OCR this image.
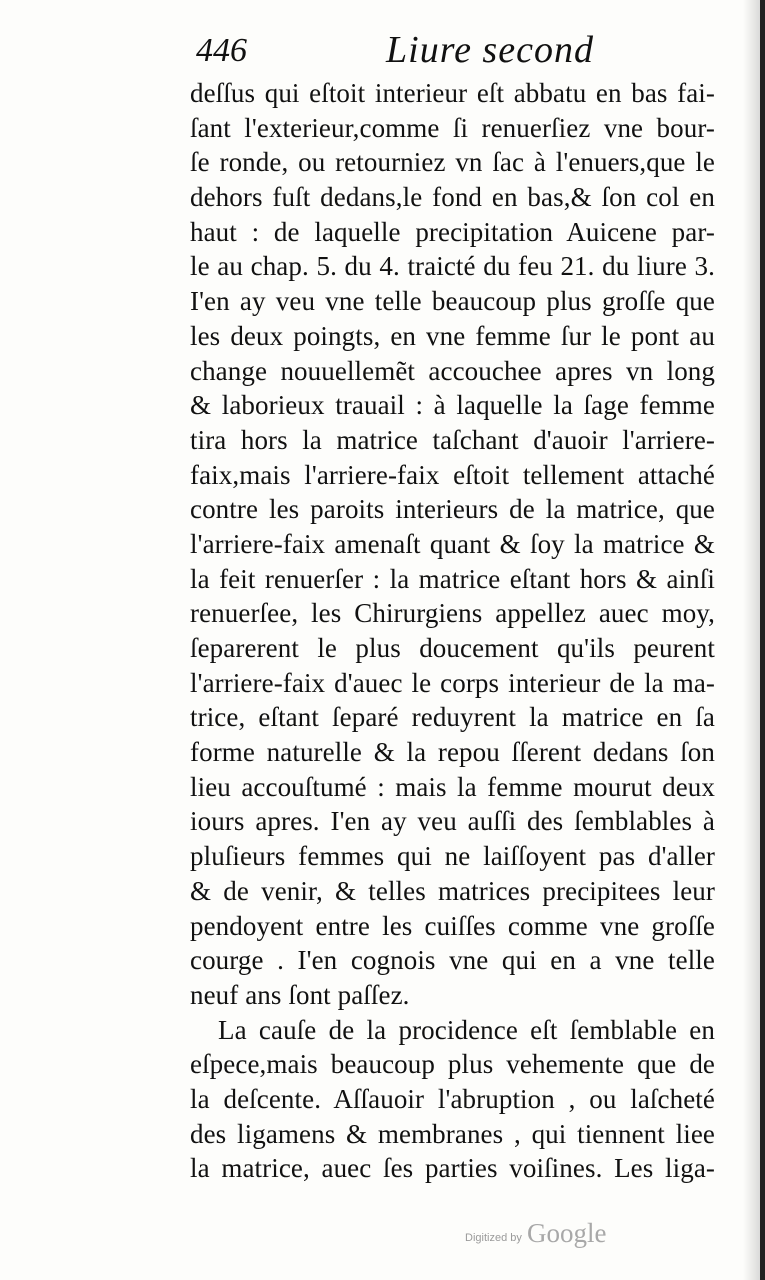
446	Liure second
deſſus qui eſtoit interieur eſt abbatu en bas fai-
ſant l'exterieur,comme ſi renuerſiez vne bour-
ſe ronde, ou retourniez vn ſac à l'enuers,que le
dehors fuſt dedans,le fond en bas,& ſon col en
haut : de laquelle precipitation Auicene par-
le au chap. 5. du 4. traicté du feu 21. du liure 3.
I'en ay veu vne telle beaucoup plus groſſe que
les deux poingts, en vne femme ſur le pont au
change nouuellemẽt accouchee apres vn long
& laborieux trauail : à laquelle la ſage femme
tira hors la matrice taſchant d'auoir l'arriere-
faix,mais l'arriere-faix eſtoit tellement attaché
contre les paroits interieurs de la matrice, que
l'arriere-faix amenaſt quant & ſoy la matrice &
la feit renuerſer : la matrice eſtant hors & ainſi
renuerſee, les Chirurgiens appellez auec moy,
ſeparerent le plus doucement qu'ils peurent
l'arriere-faix d'auec le corps interieur de la ma-
trice, eſtant ſeparé reduyrent la matrice en ſa
forme naturelle & la repou ſſerent dedans ſon
lieu accouſtumé : mais la femme mourut deux
iours apres. I'en ay veu auſſi des ſemblables à
pluſieurs femmes qui ne laiſſoyent pas d'aller
& de venir, & telles matrices precipitees leur
pendoyent entre les cuiſſes comme vne groſſe
courge . I'en cognois vne qui en a vne telle
neuf ans ſont paſſez.
La cauſe de la procidence eſt ſemblable en
eſpece,mais beaucoup plus vehemente que de
la deſcente. Aſſauoir l'abruption , ou laſcheté
des ligamens & membranes , qui tiennent liee
la matrice, auec ſes parties voiſines. Les liga-
Digitized by Google
